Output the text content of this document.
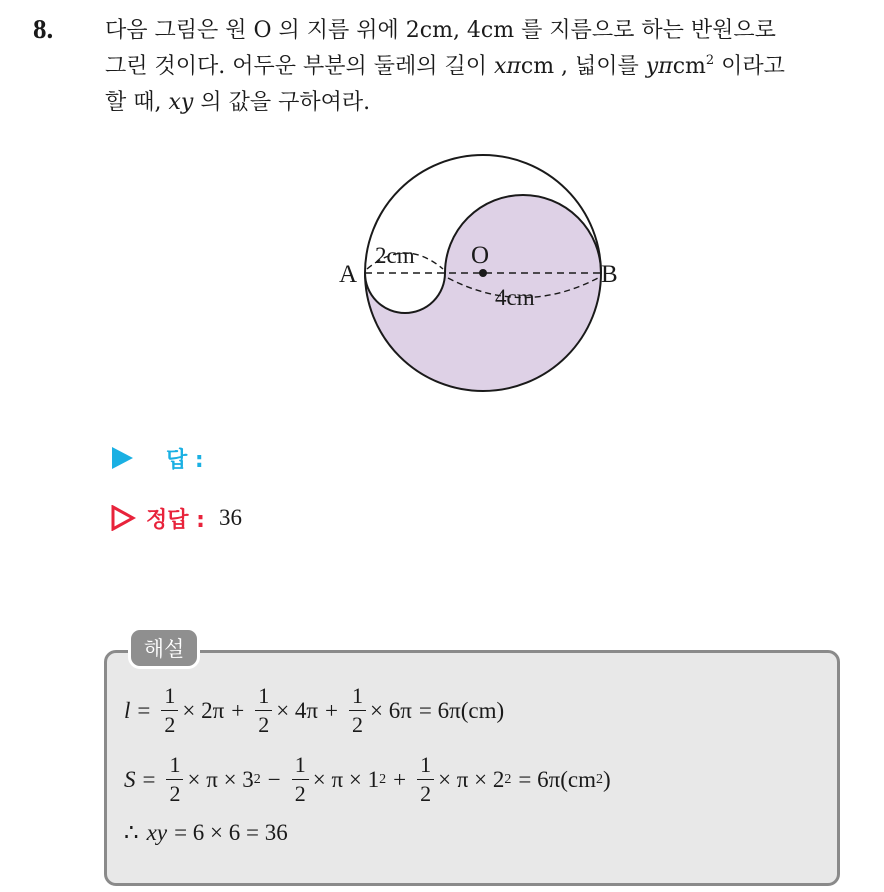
8. 다음 그림은 원 O 의 지름 위에 2cm, 4cm 를 지름으로 하는 반원으로
그린 것이다. 어두운 부분의 둘레의 길이 xπcm , 넓이를 yπcm$^2$ 이라고
할 때, xy 의 값을 구하여라.
A	B
O
2cm
4cm
답 :
정답 : 36
해설
$l = \frac{1}{2} \times 2\pi + \frac{1}{2} \times 4\pi + \frac{1}{2} \times 6\pi = 6\pi(cm)$
$S = \frac{1}{2} \times \pi \times 3$ $2 - \frac{1}{2} \times \pi \times 1$ $2 + \frac{1}{2} \times \pi \times 2$ 2 = 6π(cm 2 )
∴ xy = 6 × 6 = 36
